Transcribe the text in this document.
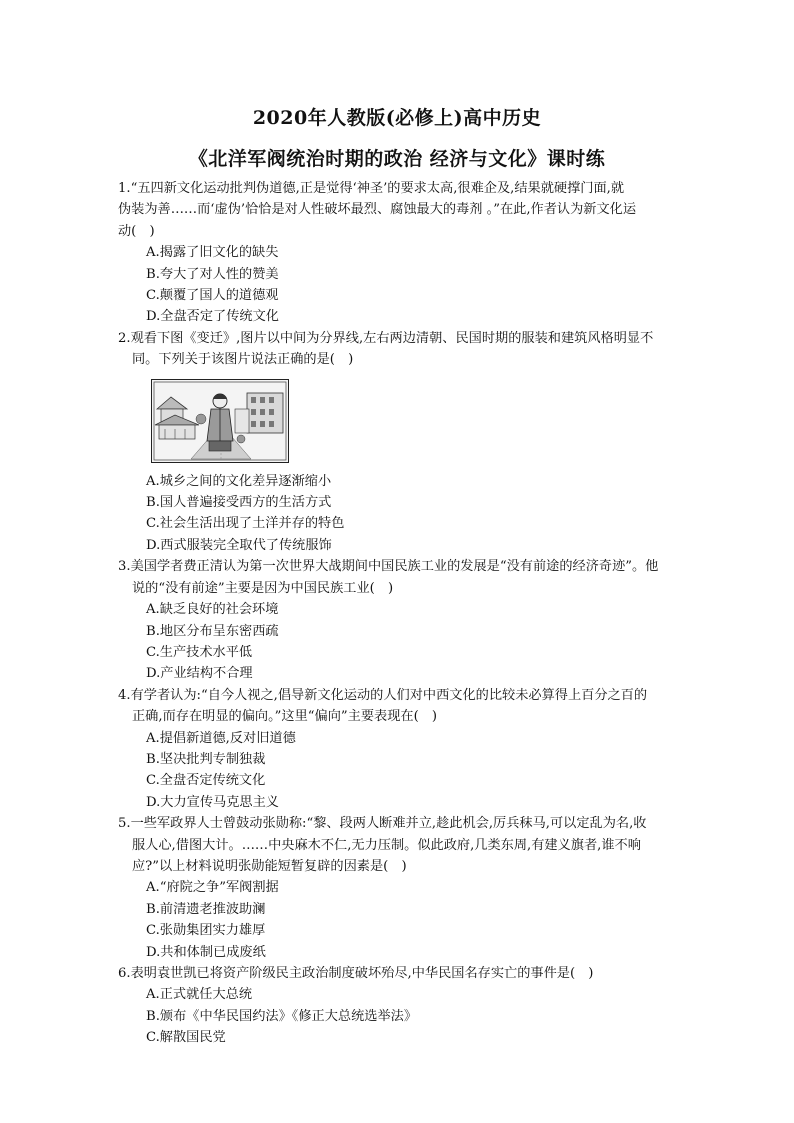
2020年人教版(必修上)高中历史
《北洋军阀统治时期的政治 经济与文化》课时练
1.“五四新文化运动批判伪道德,正是觉得‘神圣’的要求太高,很难企及,结果就硬撑门面,就
伪装为善……而‘虚伪’恰恰是对人性破坏最烈、腐蚀最大的毒剂 。”在此,作者认为新文化运
动(　)
A.揭露了旧文化的缺失
B.夸大了对人性的赞美
C.颠覆了国人的道德观
D.全盘否定了传统文化
2.观看下图《变迁》,图片以中间为分界线,左右两边清朝、民国时期的服装和建筑风格明显不
同。下列关于该图片说法正确的是(　)
A.城乡之间的文化差异逐渐缩小
B.国人普遍接受西方的生活方式
C.社会生活出现了土洋并存的特色
D.西式服装完全取代了传统服饰
3.美国学者费正清认为第一次世界大战期间中国民族工业的发展是“没有前途的经济奇迹”。他
说的“没有前途”主要是因为中国民族工业(　)
A.缺乏良好的社会环境
B.地区分布呈东密西疏
C.生产技术水平低
D.产业结构不合理
4.有学者认为:“自今人视之,倡导新文化运动的人们对中西文化的比较未必算得上百分之百的
正确,而存在明显的偏向。”这里“偏向”主要表现在(　)
A.提倡新道德,反对旧道德
B.坚决批判专制独裁
C.全盘否定传统文化
D.大力宣传马克思主义
5.一些军政界人士曾鼓动张勋称:“黎、段两人断难并立,趁此机会,厉兵秣马,可以定乱为名,收
服人心,借图大计。……中央麻木不仁,无力压制。似此政府,几类东周,有建义旗者,谁不响
应?”以上材料说明张勋能短暂复辟的因素是(　)
A.“府院之争”军阀割据
B.前清遗老推波助澜
C.张勋集团实力雄厚
D.共和体制已成废纸
6.表明袁世凯已将资产阶级民主政治制度破坏殆尽,中华民国名存实亡的事件是(　)
A.正式就任大总统
B.颁布《中华民国约法》《修正大总统选举法》
C.解散国民党
